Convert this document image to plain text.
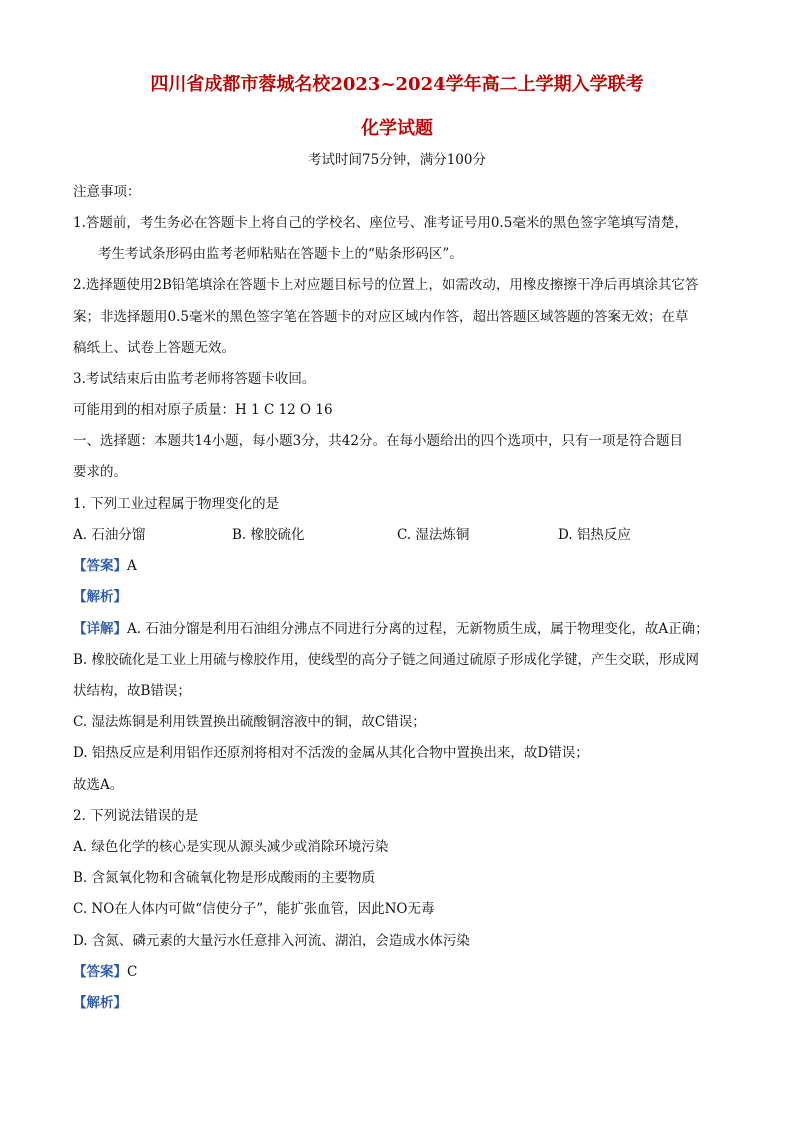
四川省成都市蓉城名校2023~2024学年高二上学期入学联考
化学试题
考试时间75分钟，满分100分
注意事项：
1.答题前，考生务必在答题卡上将自己的学校名、座位号、准考证号用0.5毫米的黑色签字笔填写清楚，
考生考试条形码由监考老师粘贴在答题卡上的“贴条形码区”。
2.选择题使用2B铅笔填涂在答题卡上对应题目标号的位置上，如需改动，用橡皮擦擦干净后再填涂其它答
案；非选择题用0.5毫米的黑色签字笔在答题卡的对应区域内作答，超出答题区域答题的答案无效；在草
稿纸上、试卷上答题无效。
3.考试结束后由监考老师将答题卡收回。
可能用到的相对原子质量：H 1 C 12 O 16
一、选择题：本题共14小题，每小题3分，共42分。在每小题给出的四个选项中，只有一项是符合题目
要求的。
1. 下列工业过程属于物理变化的是
A. 石油分馏	B. 橡胶硫化	C. 湿法炼铜	D. 铝热反应
【答案】A
【解析】
【详解】A. 石油分馏是利用石油组分沸点不同进行分离的过程，无新物质生成，属于物理变化，故A正确；
B. 橡胶硫化是工业上用硫与橡胶作用，使线型的高分子链之间通过硫原子形成化学键，产生交联，形成网
状结构，故B错误；
C. 湿法炼铜是利用铁置换出硫酸铜溶液中的铜，故C错误；
D. 铝热反应是利用铝作还原剂将相对不活泼的金属从其化合物中置换出来，故D错误；
故选A。
2. 下列说法错误的是
A. 绿色化学的核心是实现从源头减少或消除环境污染
B. 含氮氧化物和含硫氧化物是形成酸雨的主要物质
C. NO在人体内可做“信使分子”，能扩张血管，因此NO无毒
D. 含氮、磷元素的大量污水任意排入河流、湖泊，会造成水体污染
【答案】C
【解析】
